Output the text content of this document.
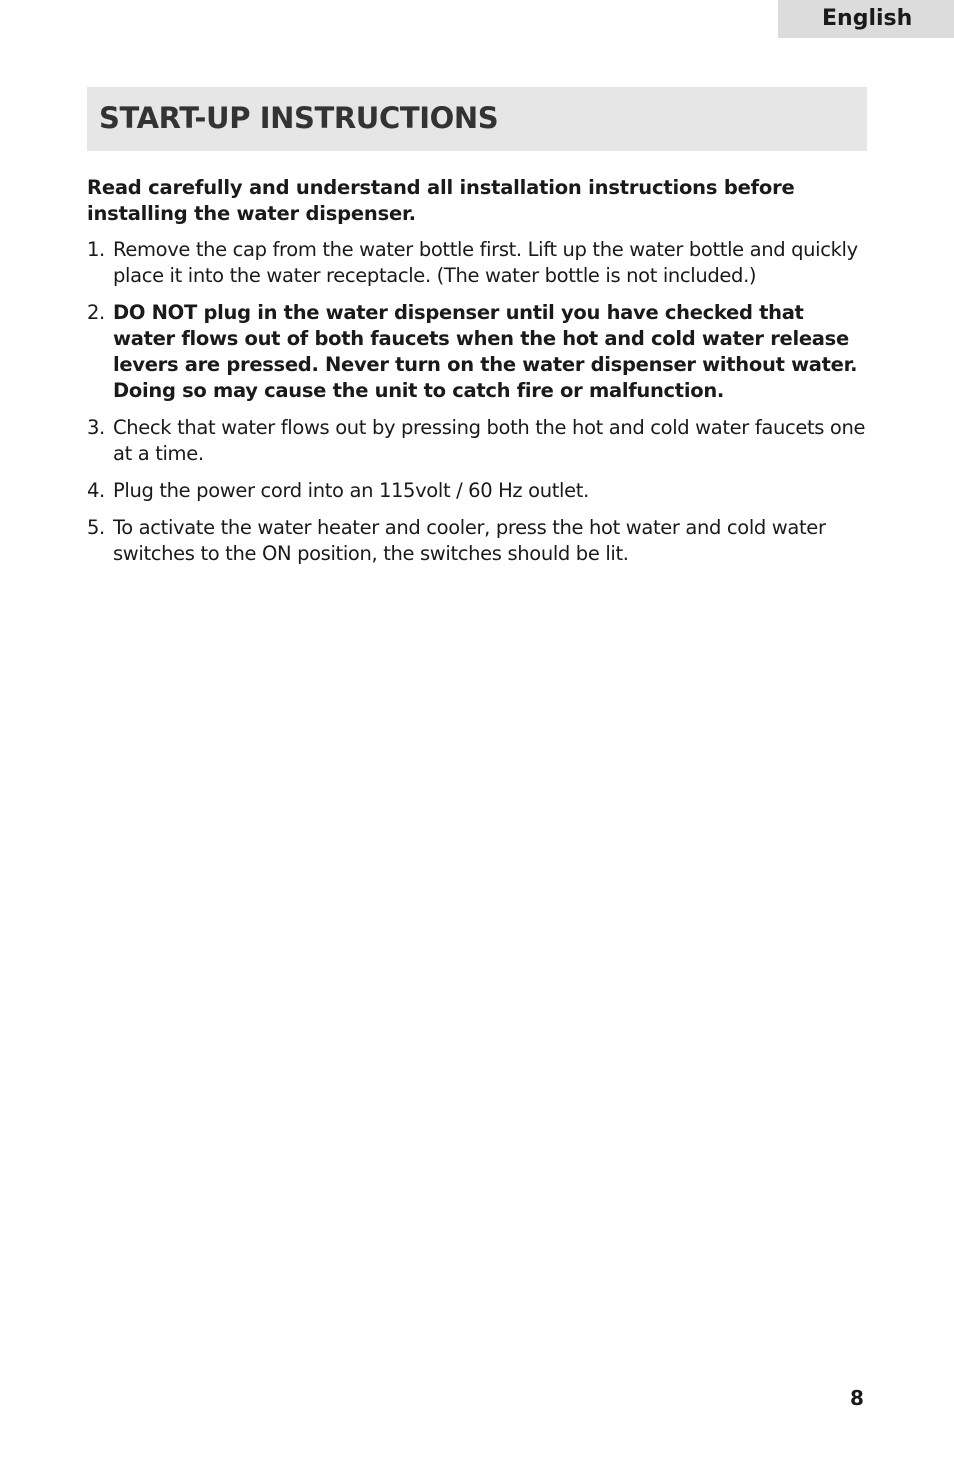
English
START-UP INSTRUCTIONS

Read carefully and understand all installation instructions before installing the water dispenser.

1. Remove the cap from the water bottle first. Lift up the water bottle and quickly place it into the water receptacle. (The water bottle is not included.)
2. DO NOT plug in the water dispenser until you have checked that water flows out of both faucets when the hot and cold water release levers are pressed. Never turn on the water dispenser without water. Doing so may cause the unit to catch fire or malfunction.
3. Check that water flows out by pressing both the hot and cold water faucets one at a time.
4. Plug the power cord into an 115volt / 60 Hz outlet.
5. To activate the water heater and cooler, press the hot water and cold water switches to the ON position, the switches should be lit.
8
